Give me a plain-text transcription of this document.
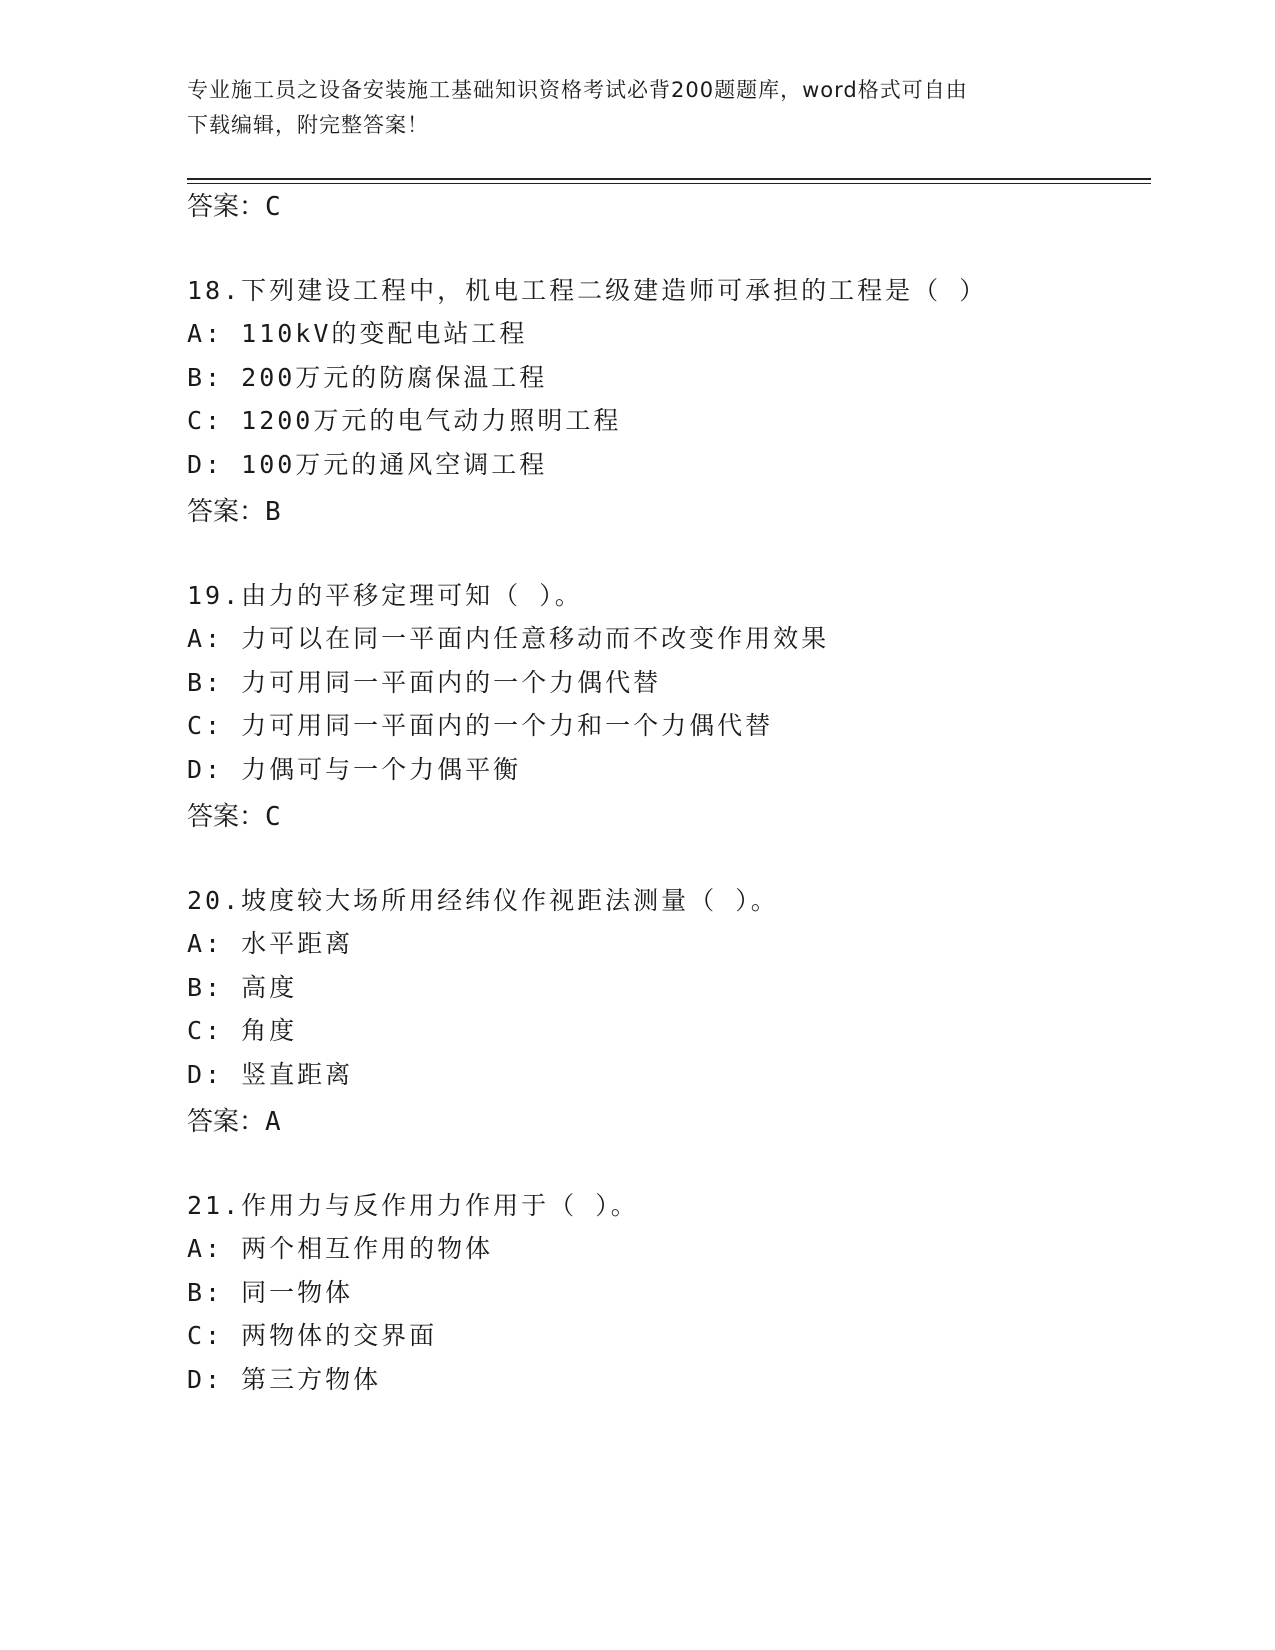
专业施工员之设备安装施工基础知识资格考试必背200题题库，word格式可自由
下载编辑，附完整答案！
答案：C
18.下列建设工程中，机电工程二级建造师可承担的工程是（ ）
A: 110kV的变配电站工程
B: 200万元的防腐保温工程
C: 1200万元的电气动力照明工程
D: 100万元的通风空调工程
答案：B
19.由力的平移定理可知（ ）。
A: 力可以在同一平面内任意移动而不改变作用效果
B: 力可用同一平面内的一个力偶代替
C: 力可用同一平面内的一个力和一个力偶代替
D: 力偶可与一个力偶平衡
答案：C
20.坡度较大场所用经纬仪作视距法测量（ ）。
A: 水平距离
B: 高度
C: 角度
D: 竖直距离
答案：A
21.作用力与反作用力作用于（ ）。
A: 两个相互作用的物体
B: 同一物体
C: 两物体的交界面
D: 第三方物体
